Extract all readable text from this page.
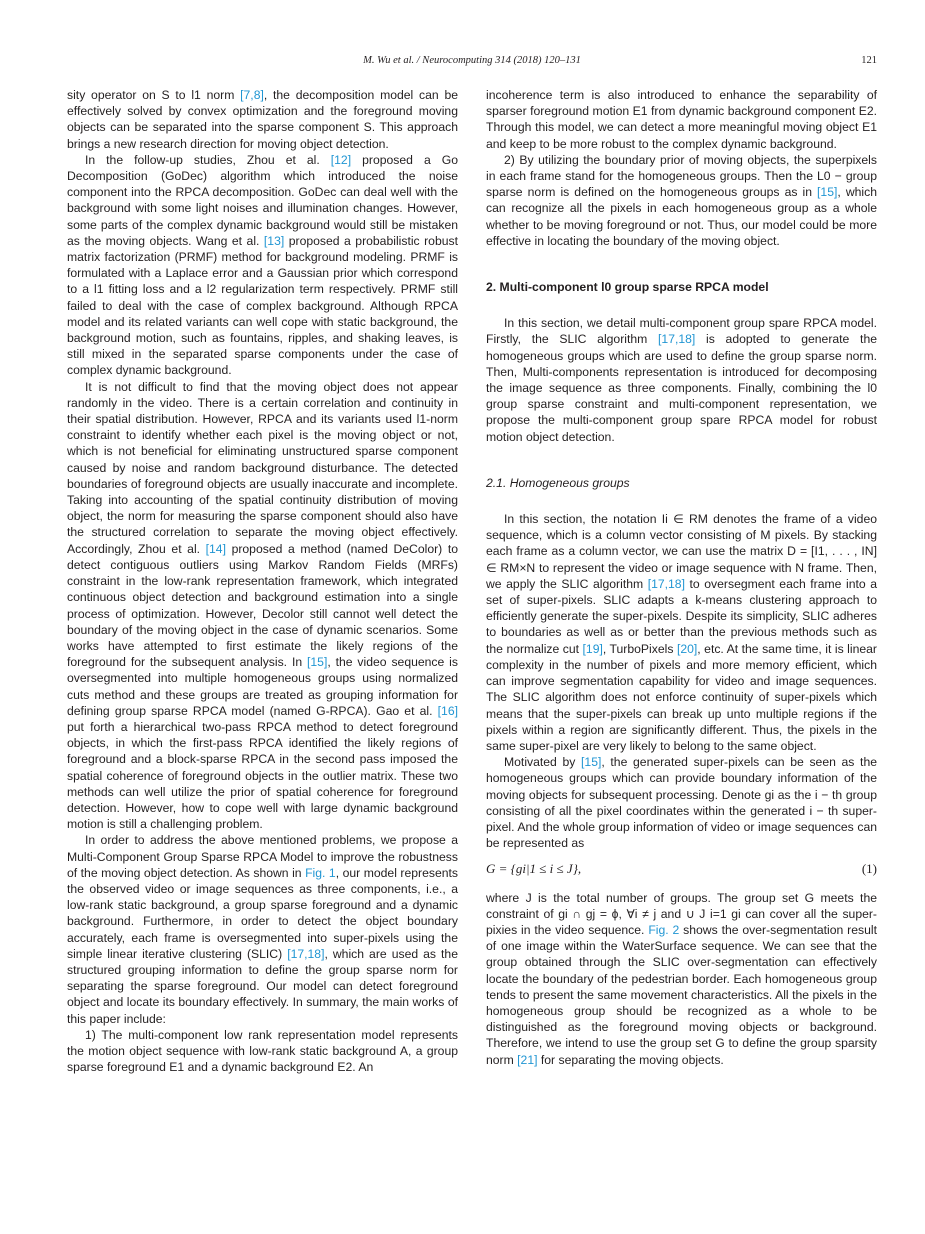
M. Wu et al. / Neurocomputing 314 (2018) 120–131	121

sity operator on S to l1 norm [7,8], the decomposition model can be effectively solved by convex optimization and the foreground moving objects can be separated into the sparse component S. This approach brings a new research direction for moving object detection.

In the follow-up studies, Zhou et al. [12] proposed a Go Decomposition (GoDec) algorithm which introduced the noise component into the RPCA decomposition. GoDec can deal well with the background with some light noises and illumination changes. However, some parts of the complex dynamic background would still be mistaken as the moving objects. Wang et al. [13] proposed a probabilistic robust matrix factorization (PRMF) method for background modeling. PRMF is formulated with a Laplace error and a Gaussian prior which correspond to a l1 fitting loss and a l2 regularization term respectively. PRMF still failed to deal with the case of complex background. Although RPCA model and its related variants can well cope with static background, the background motion, such as fountains, ripples, and shaking leaves, is still mixed in the separated sparse components under the case of complex dynamic background.

It is not difficult to find that the moving object does not appear randomly in the video. There is a certain correlation and continuity in their spatial distribution. However, RPCA and its variants used l1-norm constraint to identify whether each pixel is the moving object or not, which is not beneficial for eliminating unstructured sparse component caused by noise and random background disturbance. The detected boundaries of foreground objects are usually inaccurate and incomplete. Taking into accounting of the spatial continuity distribution of moving object, the norm for measuring the sparse component should also have the structured correlation to separate the moving object effectively. Accordingly, Zhou et al. [14] proposed a method (named DeColor) to detect contiguous outliers using Markov Random Fields (MRFs) constraint in the low-rank representation framework, which integrated continuous object detection and background estimation into a single process of optimization. However, Decolor still cannot well detect the boundary of the moving object in the case of dynamic scenarios. Some works have attempted to first estimate the likely regions of the foreground for the subsequent analysis. In [15], the video sequence is oversegmented into multiple homogeneous groups using normalized cuts method and these groups are treated as grouping information for defining group sparse RPCA model (named G-RPCA). Gao et al. [16] put forth a hierarchical two-pass RPCA method to detect foreground objects, in which the first-pass RPCA identified the likely regions of foreground and a block-sparse RPCA in the second pass imposed the spatial coherence of foreground objects in the outlier matrix. These two methods can well utilize the prior of spatial coherence for foreground detection. However, how to cope well with large dynamic background motion is still a challenging problem.

In order to address the above mentioned problems, we propose a Multi-Component Group Sparse RPCA Model to improve the robustness of the moving object detection. As shown in Fig. 1, our model represents the observed video or image sequences as three components, i.e., a low-rank static background, a group sparse foreground and a dynamic background. Furthermore, in order to detect the object boundary accurately, each frame is oversegmented into super-pixels using the simple linear iterative clustering (SLIC) [17,18], which are used as the structured grouping information to define the group sparse norm for separating the sparse foreground. Our model can detect foreground object and locate its boundary effectively. In summary, the main works of this paper include:

1) The multi-component low rank representation model represents the motion object sequence with low-rank static background A, a group sparse foreground E1 and a dynamic background E2. An

incoherence term is also introduced to enhance the separability of sparser foreground motion E1 from dynamic background component E2. Through this model, we can detect a more meaningful moving object E1 and keep to be more robust to the complex dynamic background.

2) By utilizing the boundary prior of moving objects, the superpixels in each frame stand for the homogeneous groups. Then the L0 − group sparse norm is defined on the homogeneous groups as in [15], which can recognize all the pixels in each homogeneous group as a whole whether to be moving foreground or not. Thus, our model could be more effective in locating the boundary of the moving object.

2. Multi-component l0 group sparse RPCA model

In this section, we detail multi-component group spare RPCA model. Firstly, the SLIC algorithm [17,18] is adopted to generate the homogeneous groups which are used to define the group sparse norm. Then, Multi-components representation is introduced for decomposing the image sequence as three components. Finally, combining the l0 group sparse constraint and multi-component representation, we propose the multi-component group spare RPCA model for robust motion object detection.

2.1. Homogeneous groups

In this section, the notation Ii ∈ RM denotes the frame of a video sequence, which is a column vector consisting of M pixels. By stacking each frame as a column vector, we can use the matrix D = [I1, . . . , IN] ∈ RM×N to represent the video or image sequence with N frame. Then, we apply the SLIC algorithm [17,18] to oversegment each frame into a set of super-pixels. SLIC adapts a k-means clustering approach to efficiently generate the super-pixels. Despite its simplicity, SLIC adheres to boundaries as well as or better than the previous methods such as the normalize cut [19], TurboPixels [20], etc. At the same time, it is linear complexity in the number of pixels and more memory efficient, which can improve segmentation capability for video and image sequences. The SLIC algorithm does not enforce continuity of super-pixels which means that the super-pixels can break up unto multiple regions if the pixels within a region are significantly different. Thus, the pixels in the same super-pixel are very likely to belong to the same object.

Motivated by [15], the generated super-pixels can be seen as the homogeneous groups which can provide boundary information of the moving objects for subsequent processing. Denote gi as the i − th group consisting of all the pixel coordinates within the generated i − th super-pixel. And the whole group information of video or image sequences can be represented as

G = {gi|1 ≤ i ≤ J},	(1)

where J is the total number of groups. The group set G meets the constraint of gi ∩ gj = ϕ, ∀i ≠ j and ∪ J i=1 gi can cover all the super-pixies in the video sequence. Fig. 2 shows the over-segmentation result of one image within the WaterSurface sequence. We can see that the group obtained through the SLIC over-segmentation can effectively locate the boundary of the pedestrian border. Each homogeneous group tends to present the same movement characteristics. All the pixels in the homogeneous group should be recognized as a whole to be distinguished as the foreground moving objects or background. Therefore, we intend to use the group set G to define the group sparsity norm [21] for separating the moving objects.
